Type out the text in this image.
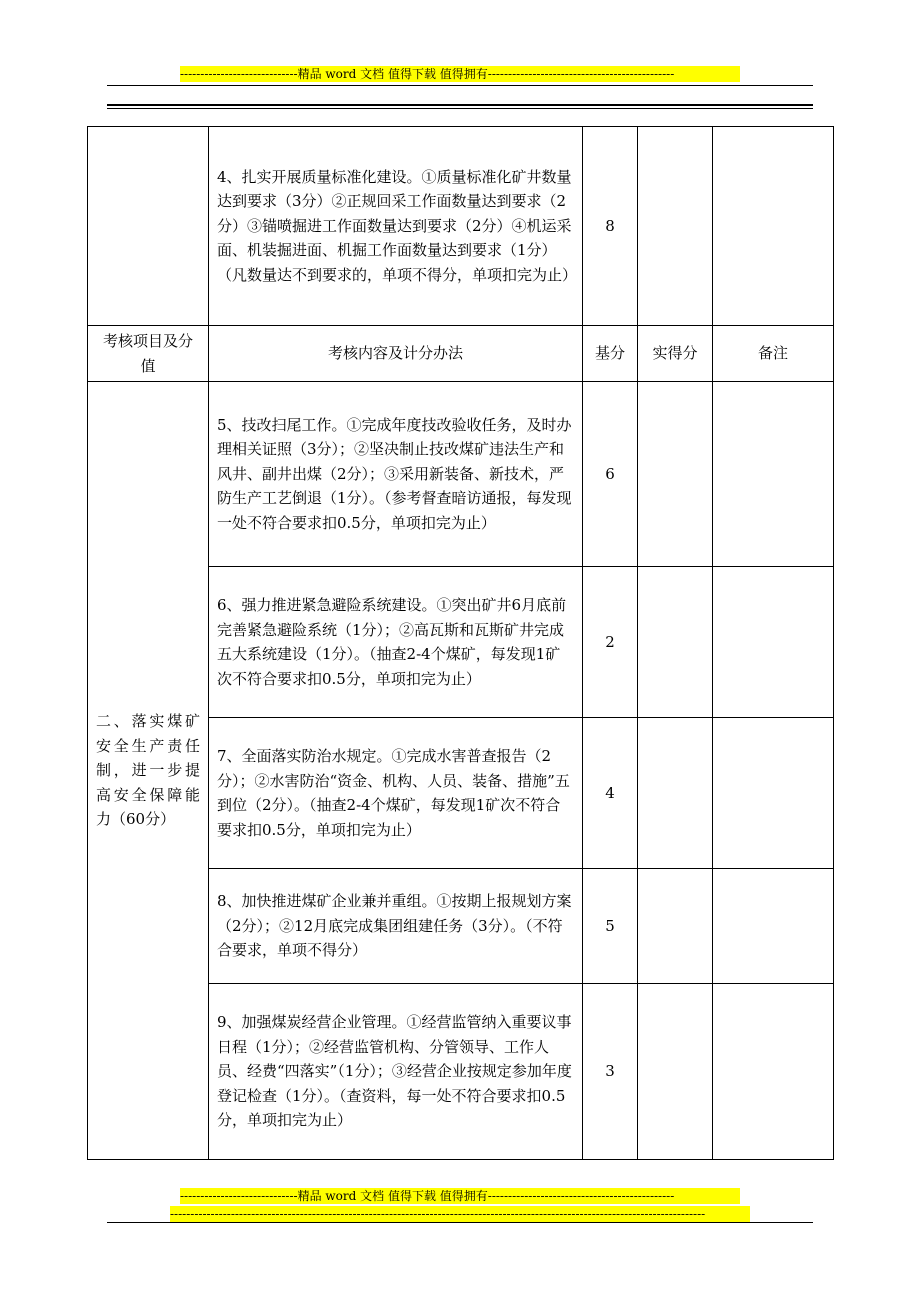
-----------------------------精品 word 文档 值得下载 值得拥有----------------------------------------------
	4、扎实开展质量标准化建设。①质量标准化矿井数量达到要求（3分）②正规回采工作面数量达到要求（2分）③锚喷掘进工作面数量达到要求（2分）④机运采面、机装掘进面、机掘工作面数量达到要求（1分）（凡数量达不到要求的，单项不得分，单项扣完为止）	8		
考核项目及分值	考核内容及计分办法	基分	实得分	备注
二、落实煤矿安全生产责任制，进一步提高安全保障能力（60分）	5、技改扫尾工作。①完成年度技改验收任务，及时办理相关证照（3分）；②坚决制止技改煤矿违法生产和风井、副井出煤（2分）；③采用新装备、新技术，严防生产工艺倒退（1分）。（参考督查暗访通报，每发现一处不符合要求扣0.5分，单项扣完为止）	6		
	6、强力推进紧急避险系统建设。①突出矿井6月底前完善紧急避险系统（1分）；②高瓦斯和瓦斯矿井完成五大系统建设（1分）。（抽查2-4个煤矿，每发现1矿次不符合要求扣0.5分，单项扣完为止）	2		
	7、全面落实防治水规定。①完成水害普查报告（2分）；②水害防治“资金、机构、人员、装备、措施”五到位（2分）。（抽查2-4个煤矿，每发现1矿次不符合要求扣0.5分，单项扣完为止）	4		
	8、加快推进煤矿企业兼并重组。①按期上报规划方案（2分）；②12月底完成集团组建任务（3分）。（不符合要求，单项不得分）	5		
	9、加强煤炭经营企业管理。①经营监管纳入重要议事日程（1分）；②经营监管机构、分管领导、工作人员、经费“四落实”（1分）；③经营企业按规定参加年度登记检查（1分）。（查资料，每一处不符合要求扣0.5分，单项扣完为止）	3		
-----------------------------精品 word 文档 值得下载 值得拥有----------------------------------------------
------------------------------------------------------------------------------------------------------------------------------------
